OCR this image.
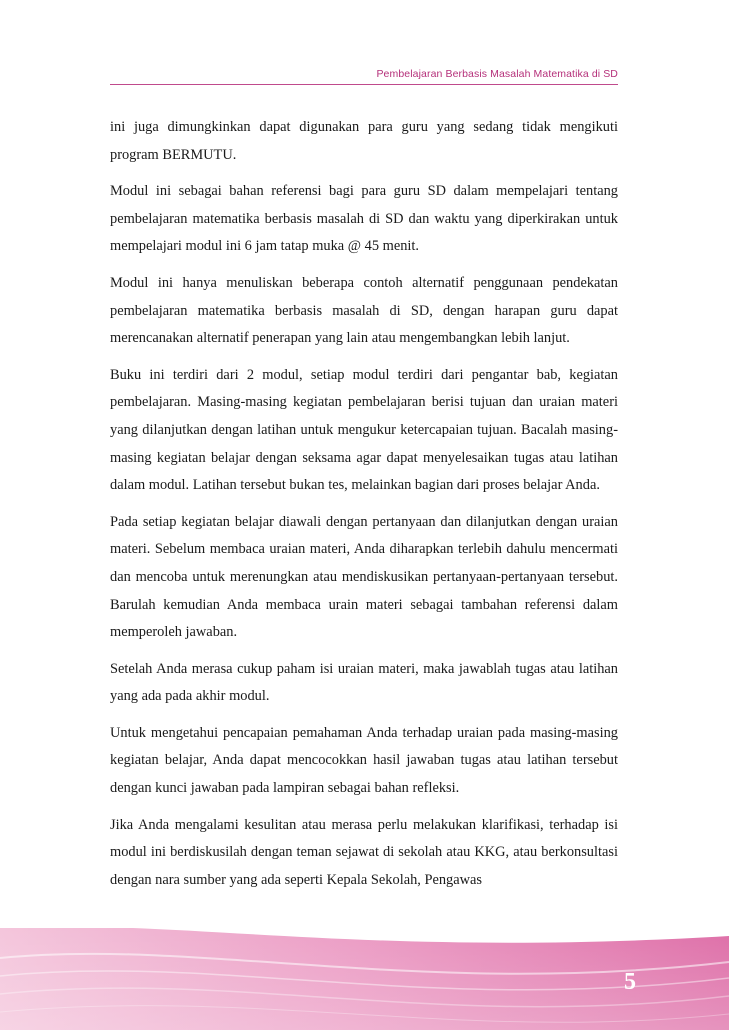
Pembelajaran Berbasis Masalah Matematika di SD

ini juga dimungkinkan dapat digunakan para guru yang sedang tidak mengikuti program BERMUTU.

Modul ini sebagai bahan referensi bagi para guru SD dalam mempelajari tentang pembelajaran matematika berbasis masalah di SD dan waktu yang diperkirakan untuk mempelajari modul ini 6 jam tatap muka @ 45 menit.

Modul ini hanya menuliskan beberapa contoh alternatif penggunaan pendekatan pembelajaran matematika berbasis masalah di SD, dengan harapan guru dapat merencanakan alternatif penerapan yang lain atau mengembangkan lebih lanjut.

Buku ini terdiri dari 2 modul, setiap modul terdiri dari pengantar bab, kegiatan pembelajaran. Masing-masing kegiatan pembelajaran berisi tujuan dan uraian materi yang dilanjutkan dengan latihan untuk mengukur ketercapaian tujuan. Bacalah masing-masing kegiatan belajar dengan seksama agar dapat menyelesaikan tugas atau latihan dalam modul. Latihan tersebut bukan tes, melainkan bagian dari proses belajar Anda.

Pada setiap kegiatan belajar diawali dengan pertanyaan dan dilanjutkan dengan uraian materi. Sebelum membaca uraian materi, Anda diharapkan terlebih dahulu mencermati dan mencoba untuk merenungkan atau mendiskusikan pertanyaan-pertanyaan tersebut. Barulah kemudian Anda membaca urain materi sebagai tambahan referensi dalam memperoleh jawaban.

Setelah Anda merasa cukup paham isi uraian materi, maka jawablah tugas atau latihan yang ada pada akhir modul.

Untuk mengetahui pencapaian pemahaman Anda terhadap uraian pada masing-masing kegiatan belajar, Anda dapat mencocokkan hasil jawaban tugas atau latihan tersebut dengan kunci jawaban pada lampiran sebagai bahan refleksi.

Jika Anda mengalami kesulitan atau merasa perlu melakukan klarifikasi, terhadap isi modul ini berdiskusilah dengan teman sejawat di sekolah atau KKG, atau berkonsultasi dengan nara sumber yang ada seperti Kepala Sekolah, Pengawas

5
